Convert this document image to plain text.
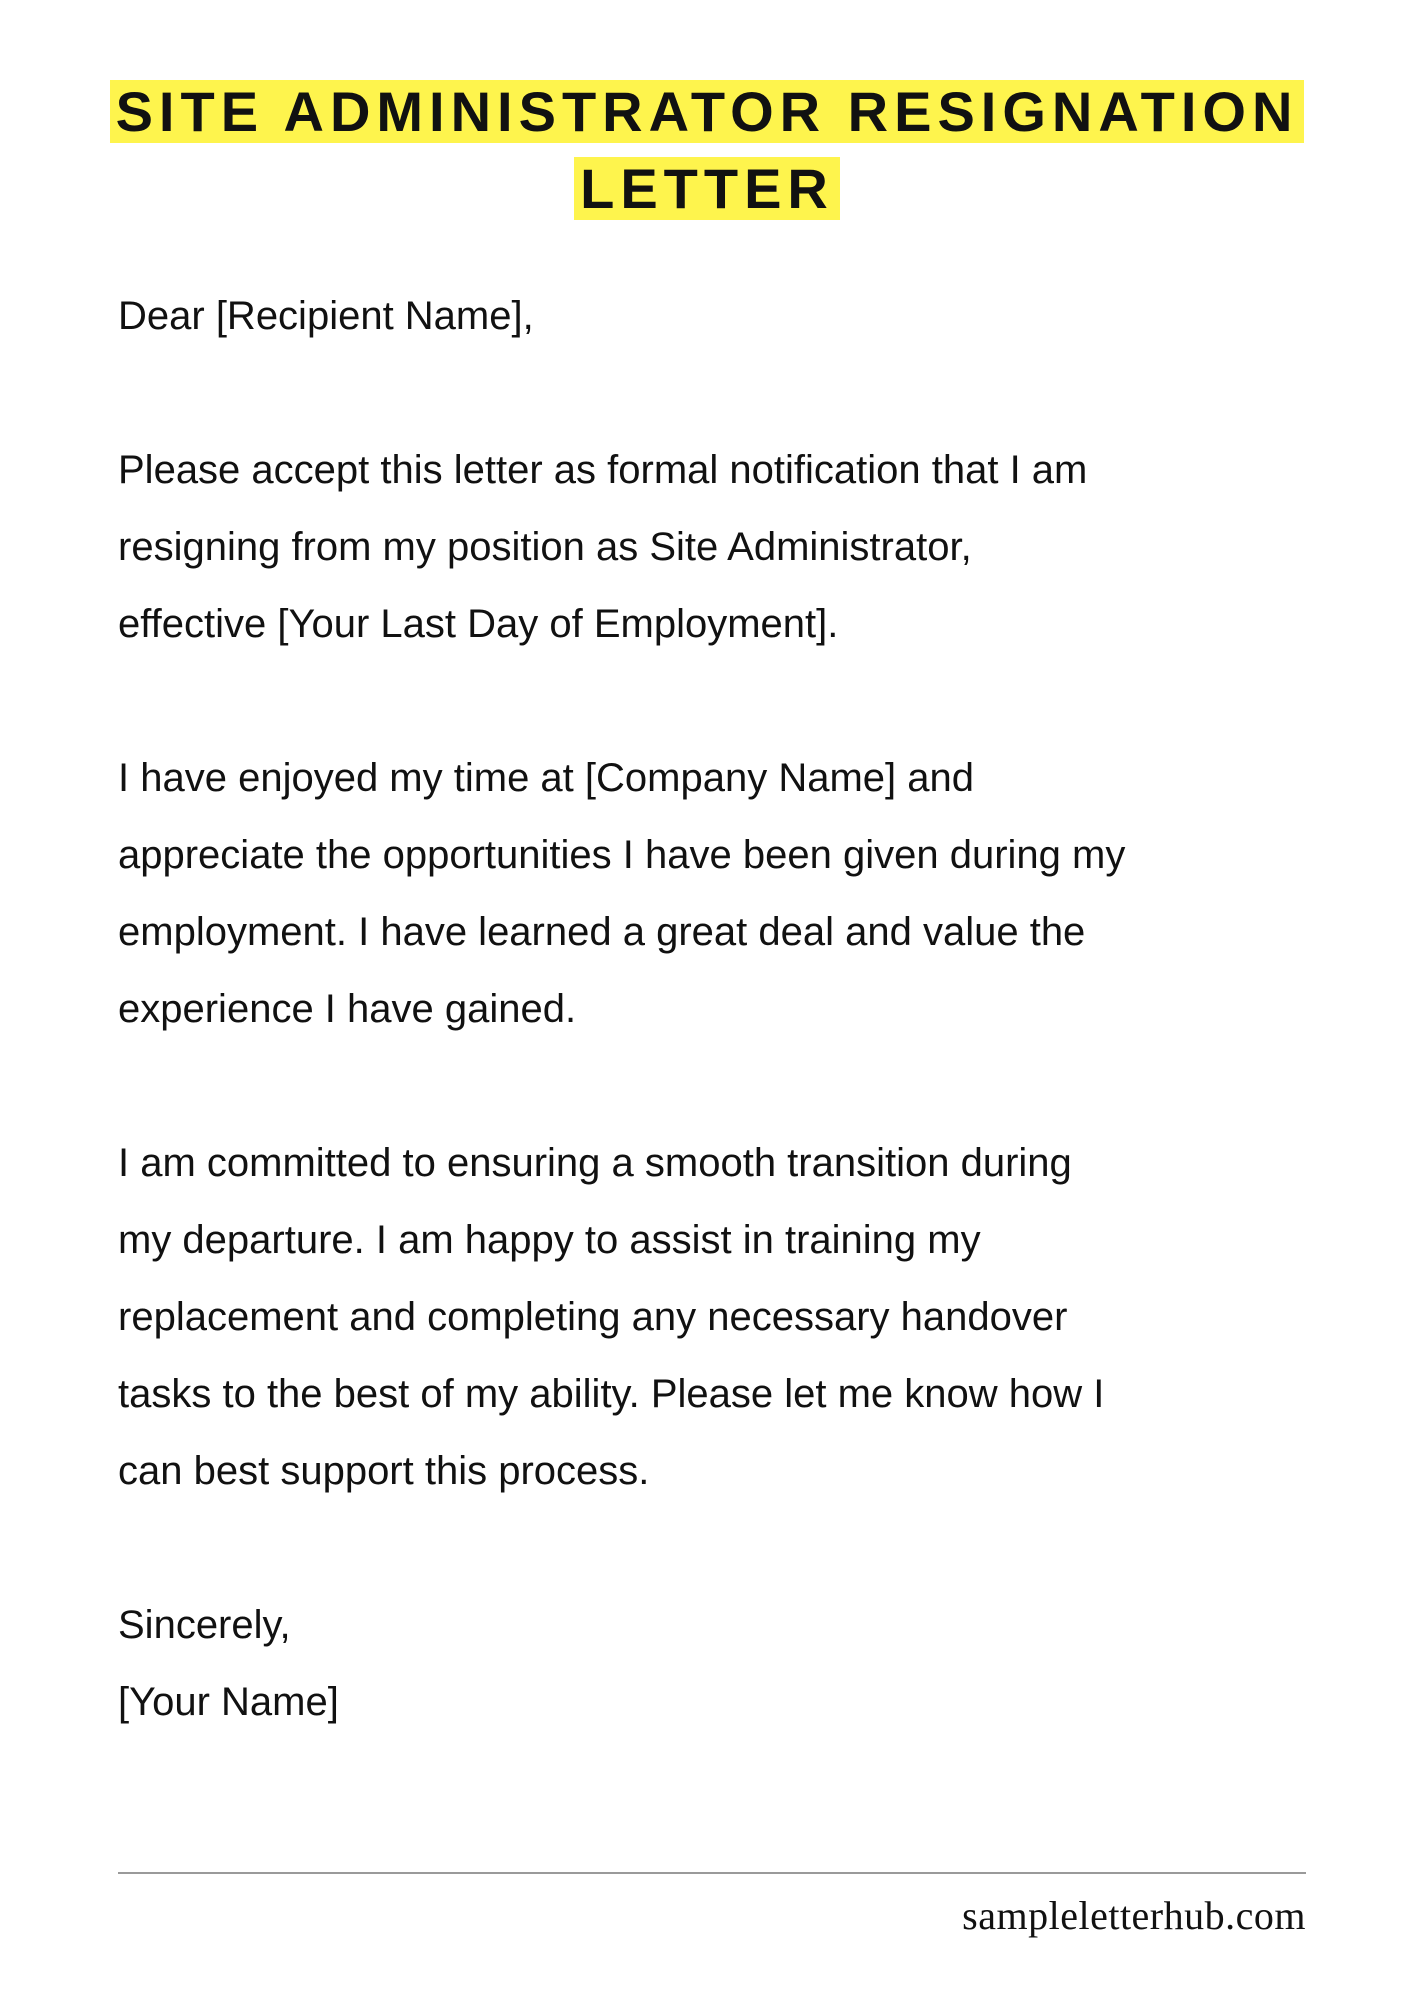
SITE ADMINISTRATOR RESIGNATION LETTER

Dear [Recipient Name],

Please accept this letter as formal notification that I am
resigning from my position as Site Administrator,
effective [Your Last Day of Employment].

I have enjoyed my time at [Company Name] and
appreciate the opportunities I have been given during my
employment. I have learned a great deal and value the
experience I have gained.

I am committed to ensuring a smooth transition during
my departure. I am happy to assist in training my
replacement and completing any necessary handover
tasks to the best of my ability. Please let me know how I
can best support this process.

Sincerely,

[Your Name]

sampleletterhub.com
